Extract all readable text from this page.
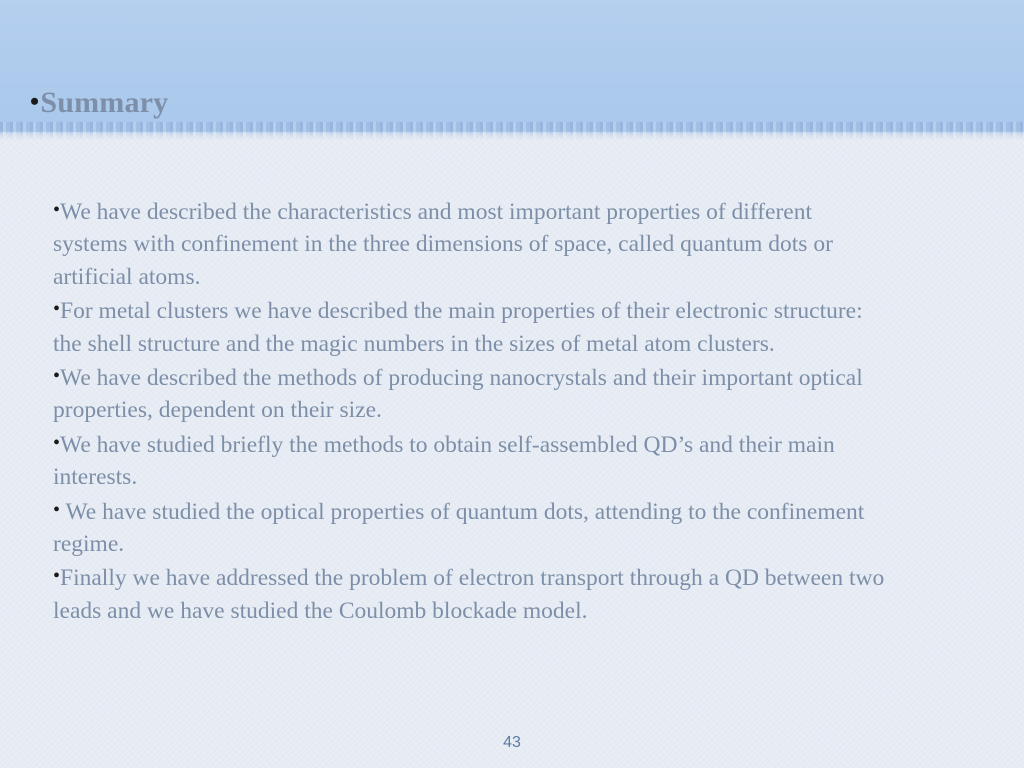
•Summary

•We have described the characteristics and most important properties of different
systems with confinement in the three dimensions of space, called quantum dots or
artificial atoms.

•For metal clusters we have described the main properties of their electronic structure:
the shell structure and the magic numbers in the sizes of metal atom clusters.

•We have described the methods of producing nanocrystals and their important optical
properties, dependent on their size.

•We have studied briefly the methods to obtain self-assembled QD’s and their main
interests.

• We have studied the optical properties of quantum dots, attending to the confinement
regime.

•Finally we have addressed the problem of electron transport through a QD between two
leads and we have studied the Coulomb blockade model.

43
